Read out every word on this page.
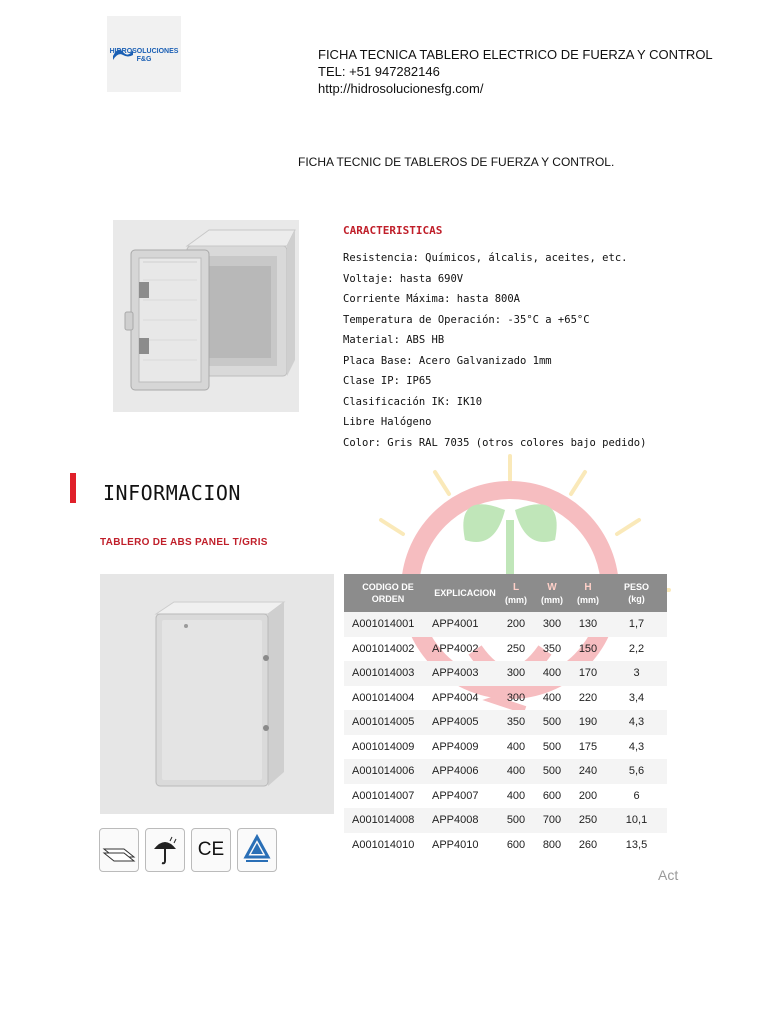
HIDROSOLUCIONES F&G	FICHA TECNICA TABLERO ELECTRICO DE FUERZA Y CONTROL
TEL: +51 947282146
http://hidrosolucionesfg.com/
FICHA TECNIC DE TABLEROS DE FUERZA Y CONTROL.
CARACTERISTICAS
Resistencia: Químicos, álcalis, aceites, etc.
Voltaje: hasta 690V
Corriente Máxima: hasta 800A
Temperatura de Operación: -35°C a +65°C
Material: ABS HB
Placa Base: Acero Galvanizado 1mm
Clase IP: IP65
Clasificación IK: IK10
Libre Halógeno
Color: Gris RAL 7035 (otros colores bajo pedido)
INFORMACION
TABLERO DE ABS PANEL T/GRIS
CE
CODIGO DE
ORDEN	EXPLICACION	L
(mm)	W
(mm)	H
(mm)	PESO
(kg)
A001014001	APP4001	200	300	130	1,7
A001014002	APP4002	250	350	150	2,2
A001014003	APP4003	300	400	170	3
A001014004	APP4004	300	400	220	3,4
A001014005	APP4005	350	500	190	4,3
A001014009	APP4009	400	500	175	4,3
A001014006	APP4006	400	500	240	5,6
A001014007	APP4007	400	600	200	6
A001014008	APP4008	500	700	250	10,1
A001014010	APP4010	600	800	260	13,5
Act
